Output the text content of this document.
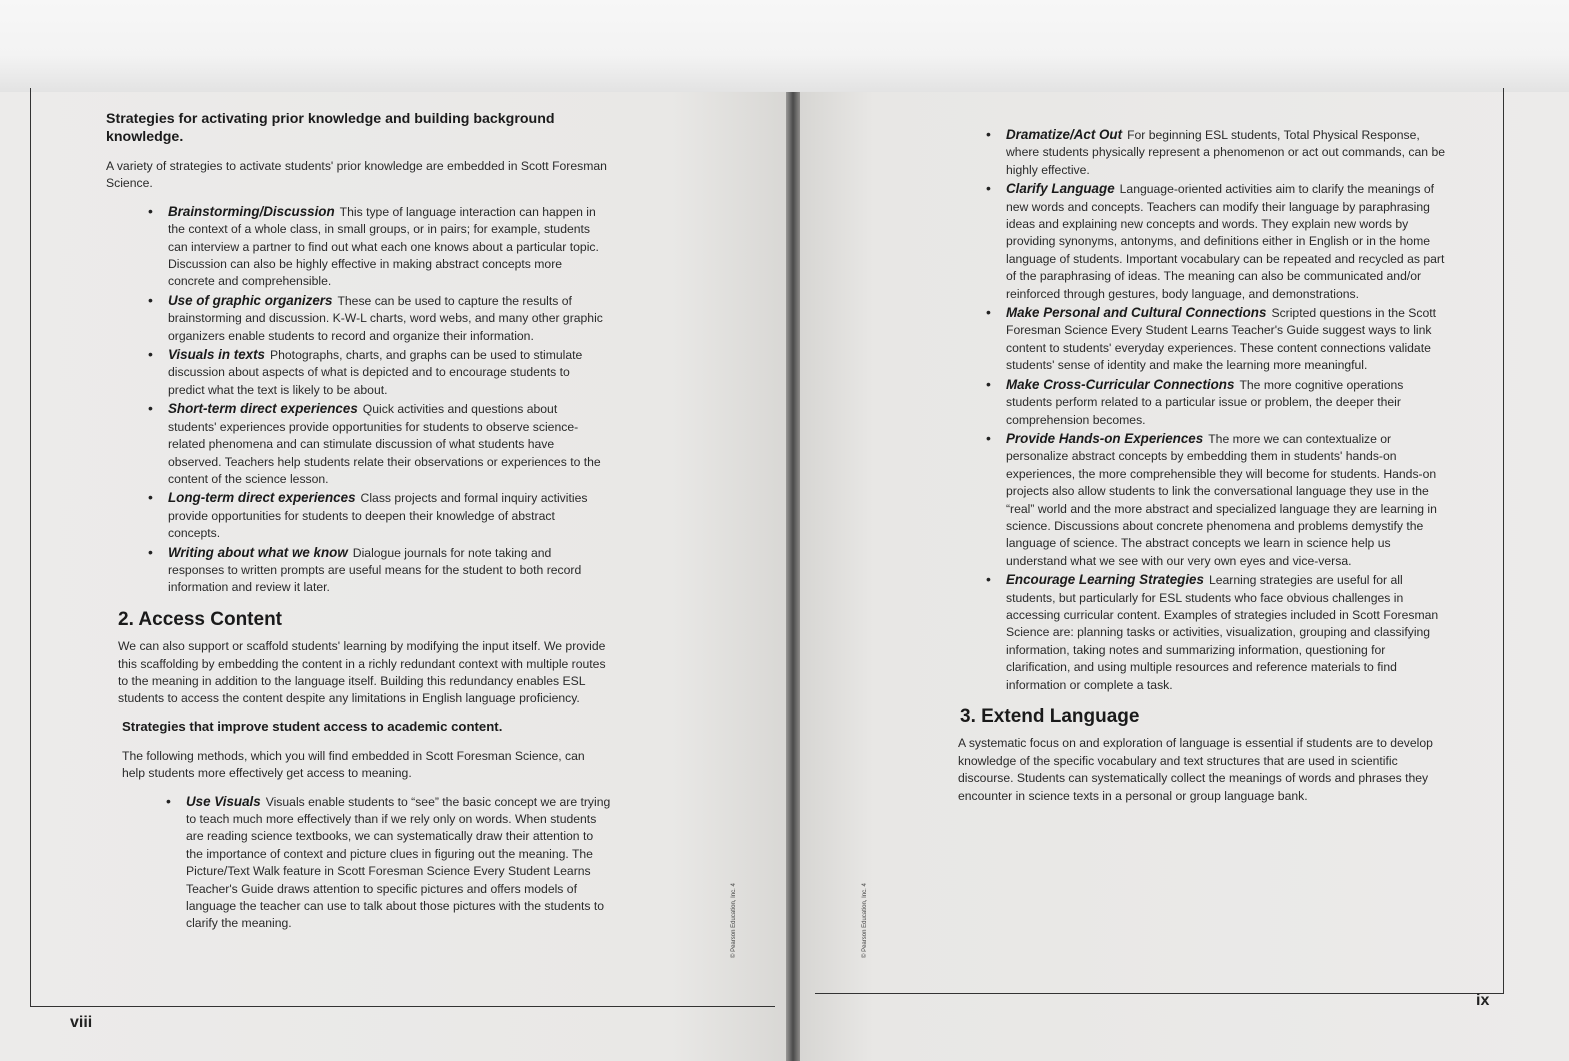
Strategies for activating prior knowledge and building background knowledge.

A variety of strategies to activate students' prior knowledge are embedded in Scott Foresman Science.

• Brainstorming/Discussion This type of language interaction can happen in the context of a whole class, in small groups, or in pairs; for example, students can interview a partner to find out what each one knows about a particular topic. Discussion can also be highly effective in making abstract concepts more concrete and comprehensible.
• Use of graphic organizers These can be used to capture the results of brainstorming and discussion. K-W-L charts, word webs, and many other graphic organizers enable students to record and organize their information.
• Visuals in texts Photographs, charts, and graphs can be used to stimulate discussion about aspects of what is depicted and to encourage students to predict what the text is likely to be about.
• Short-term direct experiences Quick activities and questions about students' experiences provide opportunities for students to observe science-related phenomena and can stimulate discussion of what students have observed. Teachers help students relate their observations or experiences to the content of the science lesson.
• Long-term direct experiences Class projects and formal inquiry activities provide opportunities for students to deepen their knowledge of abstract concepts.
• Writing about what we know Dialogue journals for note taking and responses to written prompts are useful means for the student to both record information and review it later.
2. Access Content

We can also support or scaffold students' learning by modifying the input itself. We provide this scaffolding by embedding the content in a richly redundant context with multiple routes to the meaning in addition to the language itself. Building this redundancy enables ESL students to access the content despite any limitations in English language proficiency.

Strategies that improve student access to academic content.

The following methods, which you will find embedded in Scott Foresman Science, can help students more effectively get access to meaning.

• Use Visuals Visuals enable students to “see” the basic concept we are trying to teach much more effectively than if we rely only on words. When students are reading science textbooks, we can systematically draw their attention to the importance of context and picture clues in figuring out the meaning. The Picture/Text Walk feature in Scott Foresman Science Every Student Learns Teacher's Guide draws attention to specific pictures and offers models of language the teacher can use to talk about those pictures with the students to clarify the meaning.	© Pearson Education, Inc. 4
viii
• Dramatize/Act Out For beginning ESL students, Total Physical Response, where students physically represent a phenomenon or act out commands, can be highly effective.
• Clarify Language Language-oriented activities aim to clarify the meanings of new words and concepts. Teachers can modify their language by paraphrasing ideas and explaining new concepts and words. They explain new words by providing synonyms, antonyms, and definitions either in English or in the home language of students. Important vocabulary can be repeated and recycled as part of the paraphrasing of ideas. The meaning can also be communicated and/or reinforced through gestures, body language, and demonstrations.
• Make Personal and Cultural Connections Scripted questions in the Scott Foresman Science Every Student Learns Teacher's Guide suggest ways to link content to students' everyday experiences. These content connections validate students' sense of identity and make the learning more meaningful.
• Make Cross-Curricular Connections The more cognitive operations students perform related to a particular issue or problem, the deeper their comprehension becomes.
• Provide Hands-on Experiences The more we can contextualize or personalize abstract concepts by embedding them in students' hands-on experiences, the more comprehensible they will become for students. Hands-on projects also allow students to link the conversational language they use in the “real” world and the more abstract and specialized language they are learning in science. Discussions about concrete phenomena and problems demystify the language of science. The abstract concepts we learn in science help us understand what we see with our very own eyes and vice-versa.
• Encourage Learning Strategies Learning strategies are useful for all students, but particularly for ESL students who face obvious challenges in accessing curricular content. Examples of strategies included in Scott Foresman Science are: planning tasks or activities, visualization, grouping and classifying information, taking notes and summarizing information, questioning for clarification, and using multiple resources and reference materials to find information or complete a task.
3. Extend Language

A systematic focus on and exploration of language is essential if students are to develop knowledge of the specific vocabulary and text structures that are used in scientific discourse. Students can systematically collect the meanings of words and phrases they encounter in science texts in a personal or group language bank.

© Pearson Education, Inc. 4
ix
